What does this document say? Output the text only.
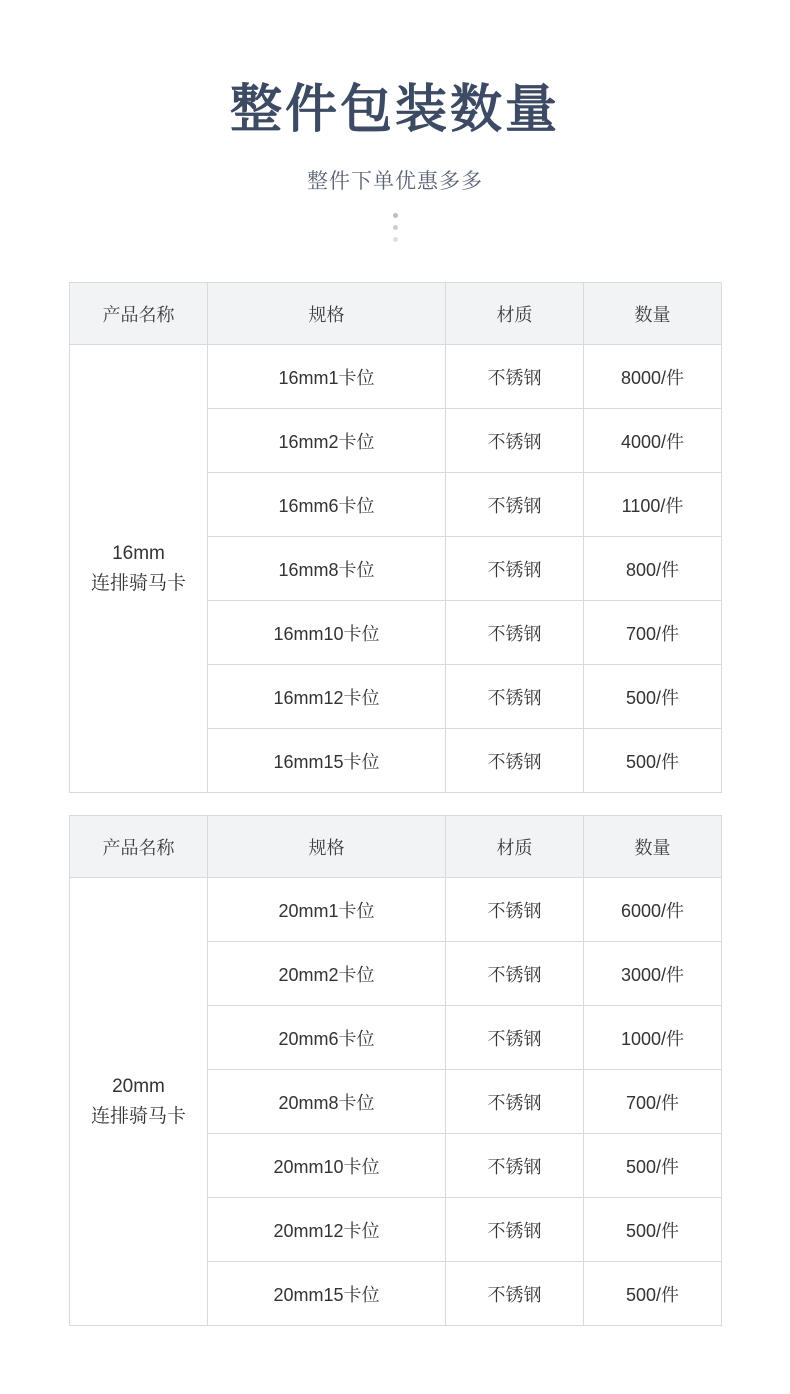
整件包装数量

整件下单优惠多多

产品名称	规格	材质	数量

16mm
连排骑马卡	16mm1卡位	不锈钢	8000/件
	16mm2卡位	不锈钢	4000/件
	16mm6卡位	不锈钢	1100/件
	16mm8卡位	不锈钢	800/件
	16mm10卡位	不锈钢	700/件
	16mm12卡位	不锈钢	500/件
	16mm15卡位	不锈钢	500/件
产品名称	规格	材质	数量

20mm
连排骑马卡	20mm1卡位	不锈钢	6000/件
	20mm2卡位	不锈钢	3000/件
	20mm6卡位	不锈钢	1000/件
	20mm8卡位	不锈钢	700/件
	20mm10卡位	不锈钢	500/件
	20mm12卡位	不锈钢	500/件
	20mm15卡位	不锈钢	500/件
